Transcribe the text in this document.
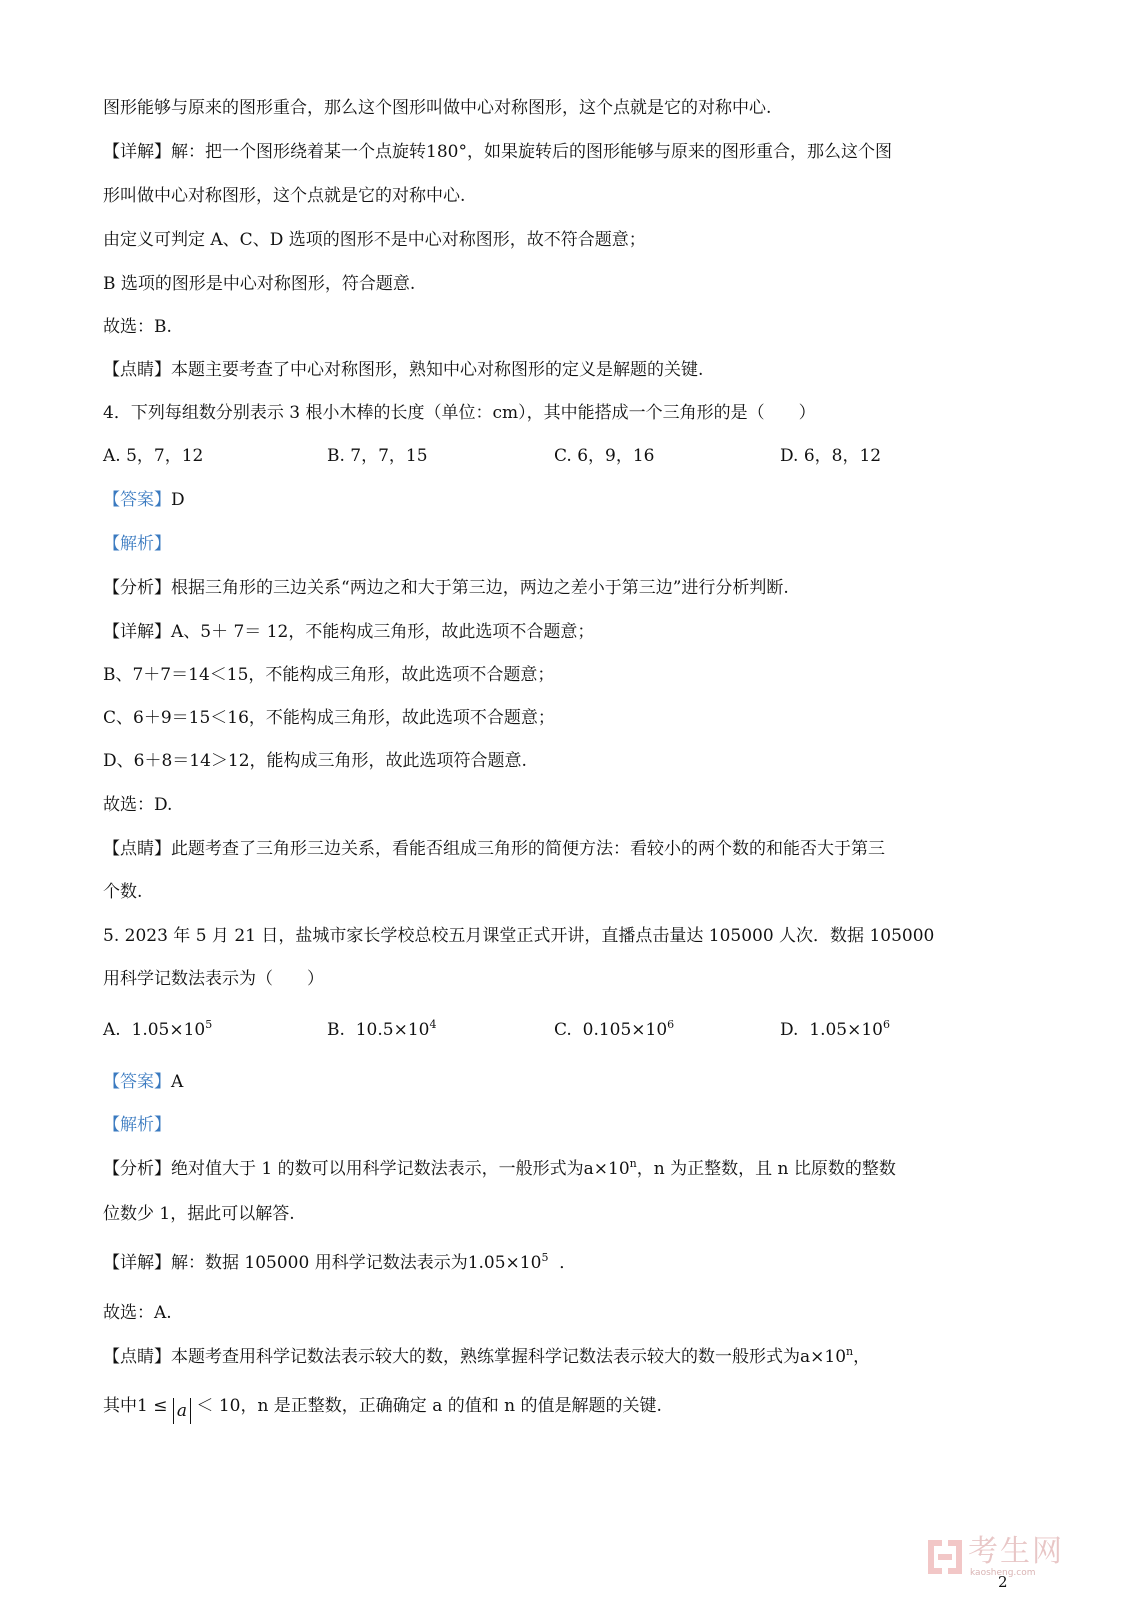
图形能够与原来的图形重合，那么这个图形叫做中心对称图形，这个点就是它的对称中心.
【详解】解：把一个图形绕着某一个点旋转180°，如果旋转后的图形能够与原来的图形重合，那么这个图
形叫做中心对称图形，这个点就是它的对称中心.
由定义可判定 A、C、D 选项的图形不是中心对称图形，故不符合题意；
B 选项的图形是中心对称图形，符合题意.
故选：B.
【点睛】本题主要考查了中心对称图形，熟知中心对称图形的定义是解题的关键.
4．下列每组数分别表示 3 根小木棒的长度（单位：cm），其中能搭成一个三角形的是（　　）
A. 5，7，12	B. 7，7，15	C. 6，9，16	D. 6，8，12
【答案】D
【解析】
【分析】根据三角形的三边关系“两边之和大于第三边，两边之差小于第三边”进行分析判断.
【详解】A、5＋ 7＝ 12，不能构成三角形，故此选项不合题意；
B、7＋7＝14＜15，不能构成三角形，故此选项不合题意；
C、6＋9＝15＜16，不能构成三角形，故此选项不合题意；
D、6＋8＝14＞12，能构成三角形，故此选项符合题意.
故选：D.
【点睛】此题考查了三角形三边关系，看能否组成三角形的简便方法：看较小的两个数的和能否大于第三
个数.
5. 2023 年 5 月 21 日，盐城市家长学校总校五月课堂正式开讲，直播点击量达 105000 人次．数据 105000
用科学记数法表示为（　　）
A. $1.05\times 10^5$	B. $10.5\times 10^4$	C. $0.105\times 10^6$	D. $1.05\times 10^6$
【答案】A
【解析】
【分析】绝对值大于 1 的数可以用科学记数法表示，一般形式为$a\times 10^n$，n 为正整数，且 n 比原数的整数
位数少 1，据此可以解答.
【详解】解：数据 105000 用科学记数法表示为$1.05\times 10^5$ ．
故选：A.
【点睛】本题考查用科学记数法表示较大的数，熟练掌握科学记数法表示较大的数一般形式为$a\times 10^n$，
其中1 ≤ a ＜ 10，n 是正整数，正确确定 a 的值和 n 的值是解题的关键.
考生网
kaosheng.com
2
